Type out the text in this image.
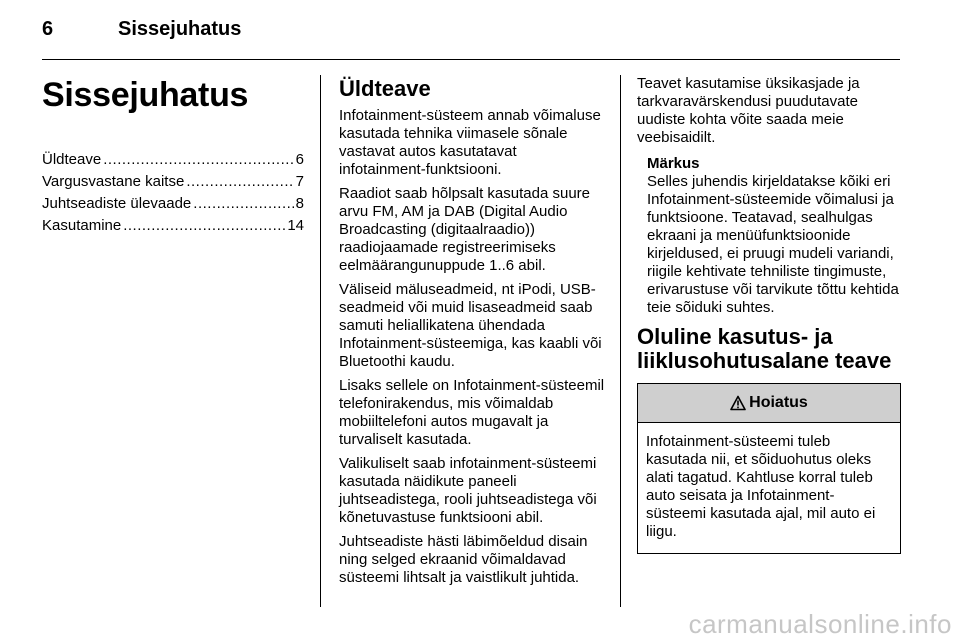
6	Sissejuhatus
Sissejuhatus
Üldteave .....	6
Vargusvastane kaitse .....	7
Juhtseadiste ülevaade .....	8
Kasutamine .....	14
Üldteave

Infotainment-süsteem annab võimaluse kasutada tehnika viimasele sõnale vastavat autos kasutatavat infotainment-funktsiooni.

Raadiot saab hõlpsalt kasutada suure arvu FM, AM ja DAB (Digital Audio Broadcasting (digitaalraadio)) raadiojaamade registreerimiseks eelmäärangunuppude 1..6 abil.

Väliseid mäluseadmeid, nt iPodi, USB-seadmeid või muid lisaseadmeid saab samuti heliallikatena ühendada Infotainment-süsteemiga, kas kaabli või Bluetoothi kaudu.

Lisaks sellele on Infotainment-süsteemil telefonirakendus, mis võimaldab mobiiltelefoni autos mugavalt ja turvaliselt kasutada.

Valikuliselt saab infotainment-süsteemi kasutada näidikute paneeli juhtseadistega, rooli juhtseadistega või kõnetuvastuse funktsiooni abil.

Juhtseadiste hästi läbimõeldud disain ning selged ekraanid võimaldavad süsteemi lihtsalt ja vaistlikult juhtida.

Teavet kasutamise üksikasjade ja tarkvaravärskendusi puudutavate uudiste kohta võite saada meie veebisaidilt.

Märkus

Selles juhendis kirjeldatakse kõiki eri Infotainment-süsteemide võimalusi ja funktsioone. Teatavad, sealhulgas ekraani ja menüüfunktsioonide kirjeldused, ei pruugi mudeli variandi, riigile kehtivate tehniliste tingimuste, erivarustuse või tarvikute tõttu kehtida teie sõiduki suhtes.

Oluline kasutus- ja liiklusohutusalane teave
Hoiatus
Infotainment-süsteemi tuleb kasutada nii, et sõiduohutus oleks alati tagatud. Kahtluse korral tuleb auto seisata ja Infotainment-süsteemi kasutada ajal, mil auto ei liigu.
carmanualsonline.info
